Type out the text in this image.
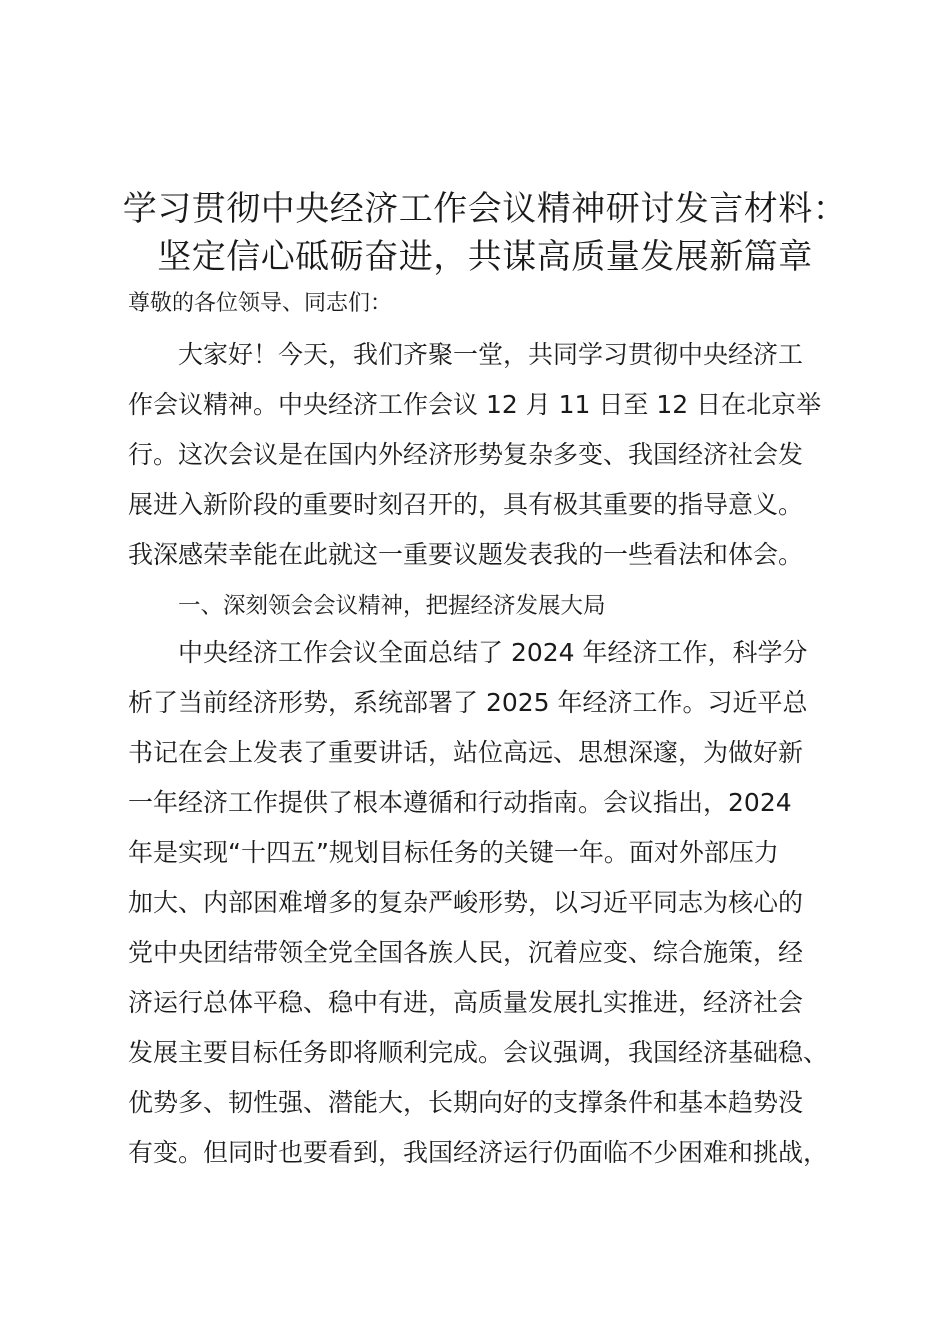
学习贯彻中央经济工作会议精神研讨发言材料：
坚定信心砥砺奋进，共谋高质量发展新篇章

尊敬的各位领导、同志们：

大家好！今天，我们齐聚一堂，共同学习贯彻中央经济工
作会议精神。中央经济工作会议 12 月 11 日至 12 日在北京举
行。这次会议是在国内外经济形势复杂多变、我国经济社会发
展进入新阶段的重要时刻召开的，具有极其重要的指导意义。
我深感荣幸能在此就这一重要议题发表我的一些看法和体会。

一、深刻领会会议精神，把握经济发展大局

中央经济工作会议全面总结了 2024 年经济工作，科学分
析了当前经济形势，系统部署了 2025 年经济工作。习近平总
书记在会上发表了重要讲话，站位高远、思想深邃，为做好新
一年经济工作提供了根本遵循和行动指南。会议指出，2024
年是实现“十四五”规划目标任务的关键一年。面对外部压力
加大、内部困难增多的复杂严峻形势，以习近平同志为核心的
党中央团结带领全党全国各族人民，沉着应变、综合施策，经
济运行总体平稳、稳中有进，高质量发展扎实推进，经济社会
发展主要目标任务即将顺利完成。会议强调，我国经济基础稳、
优势多、韧性强、潜能大，长期向好的支撑条件和基本趋势没
有变。但同时也要看到，我国经济运行仍面临不少困难和挑战，
